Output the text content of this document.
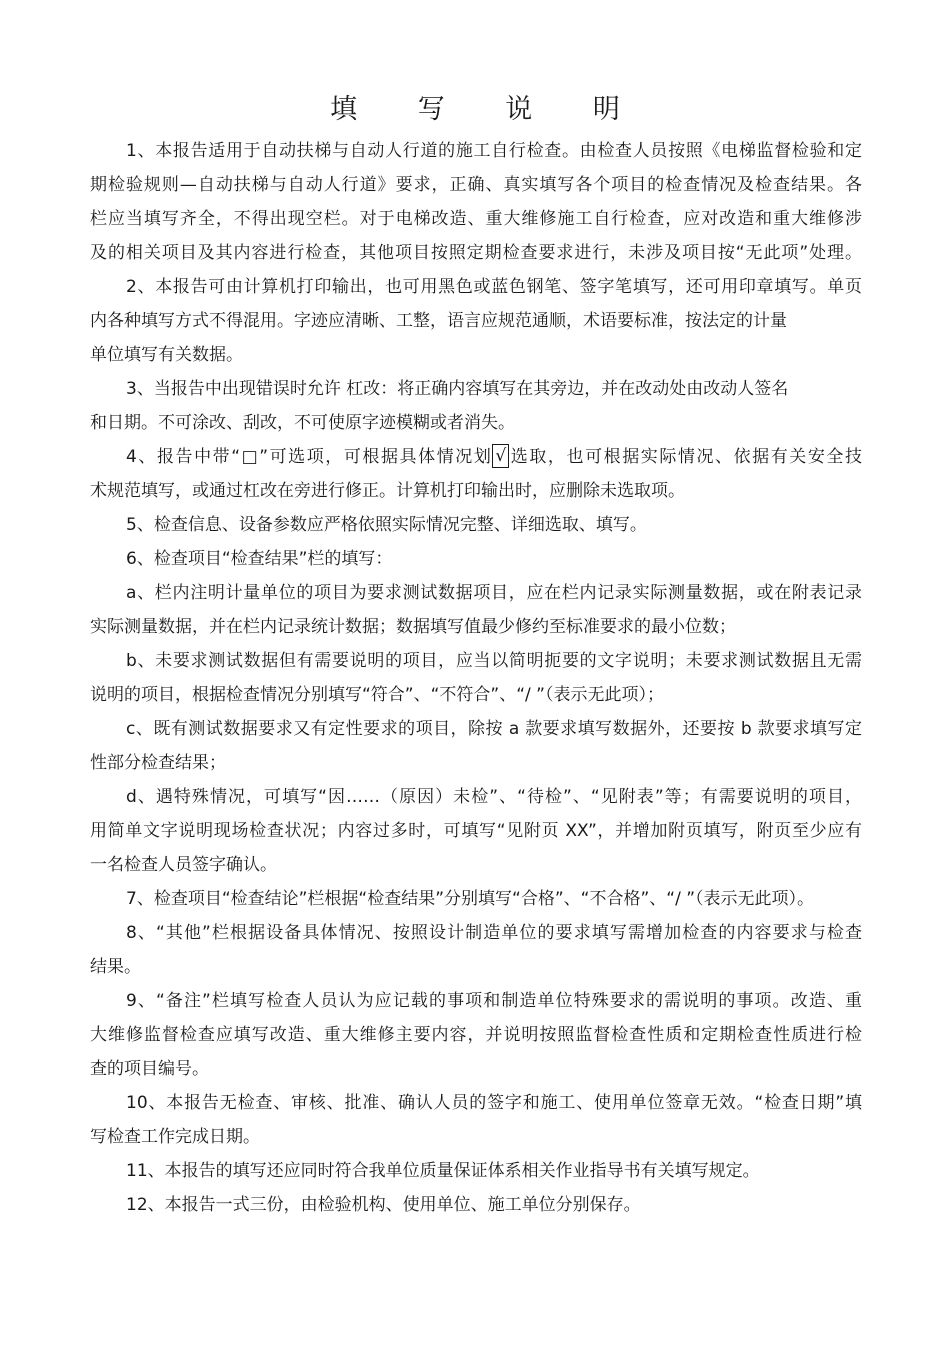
填 写 说 明
1、本报告适用于自动扶梯与自动人行道的施工自行检查。由检查人员按照《电梯监督检验和定
期检验规则—自动扶梯与自动人行道》要求，正确、真实填写各个项目的检查情况及检查结果。各
栏应当填写齐全，不得出现空栏。对于电梯改造、重大维修施工自行检查，应对改造和重大维修涉
及的相关项目及其内容进行检查，其他项目按照定期检查要求进行，未涉及项目按“无此项”处理。
2、本报告可由计算机打印输出，也可用黑色或蓝色钢笔、签字笔填写，还可用印章填写。单页
内各种填写方式不得混用。字迹应清晰、工整，语言应规范通顺，术语要标准，按法定的计量
单位填写有关数据。
3、当报告中出现错误时允许 杠改：将正确内容填写在其旁边，并在改动处由改动人签名
和日期。不可涂改、刮改，不可使原字迹模糊或者消失。
4、报告中带“□”可选项，可根据具体情况划 √ 选取，也可根据实际情况、依据有关安全技
术规范填写，或通过杠改在旁进行修正。计算机打印输出时，应删除未选取项。
5、检查信息、设备参数应严格依照实际情况完整、详细选取、填写。
6、检查项目“检查结果”栏的填写：
a、栏内注明计量单位的项目为要求测试数据项目，应在栏内记录实际测量数据，或在附表记录
实际测量数据，并在栏内记录统计数据；数据填写值最少修约至标准要求的最小位数；
b、未要求测试数据但有需要说明的项目，应当以简明扼要的文字说明；未要求测试数据且无需
说明的项目，根据检查情况分别填写“符合”、“不符合”、“/ ”（表示无此项）；
c、既有测试数据要求又有定性要求的项目，除按 a 款要求填写数据外，还要按 b 款要求填写定
性部分检查结果；
d、遇特殊情况，可填写“因……（原因）未检”、“待检”、“见附表”等；有需要说明的项目，
用简单文字说明现场检查状况；内容过多时，可填写“见附页 XX”，并增加附页填写，附页至少应有
一名检查人员签字确认。
7、检查项目“检查结论”栏根据“检查结果”分别填写“合格”、“不合格”、“/ ”（表示无此项）。
8、“其他”栏根据设备具体情况、按照设计制造单位的要求填写需增加检查的内容要求与检查
结果。
9、“备注”栏填写检查人员认为应记载的事项和制造单位特殊要求的需说明的事项。改造、重
大维修监督检查应填写改造、重大维修主要内容，并说明按照监督检查性质和定期检查性质进行检
查的项目编号。
10、本报告无检查、审核、批准、确认人员的签字和施工、使用单位签章无效。“检查日期”填
写检查工作完成日期。
11、本报告的填写还应同时符合我单位质量保证体系相关作业指导书有关填写规定。
12、本报告一式三份，由检验机构、使用单位、施工单位分别保存。
